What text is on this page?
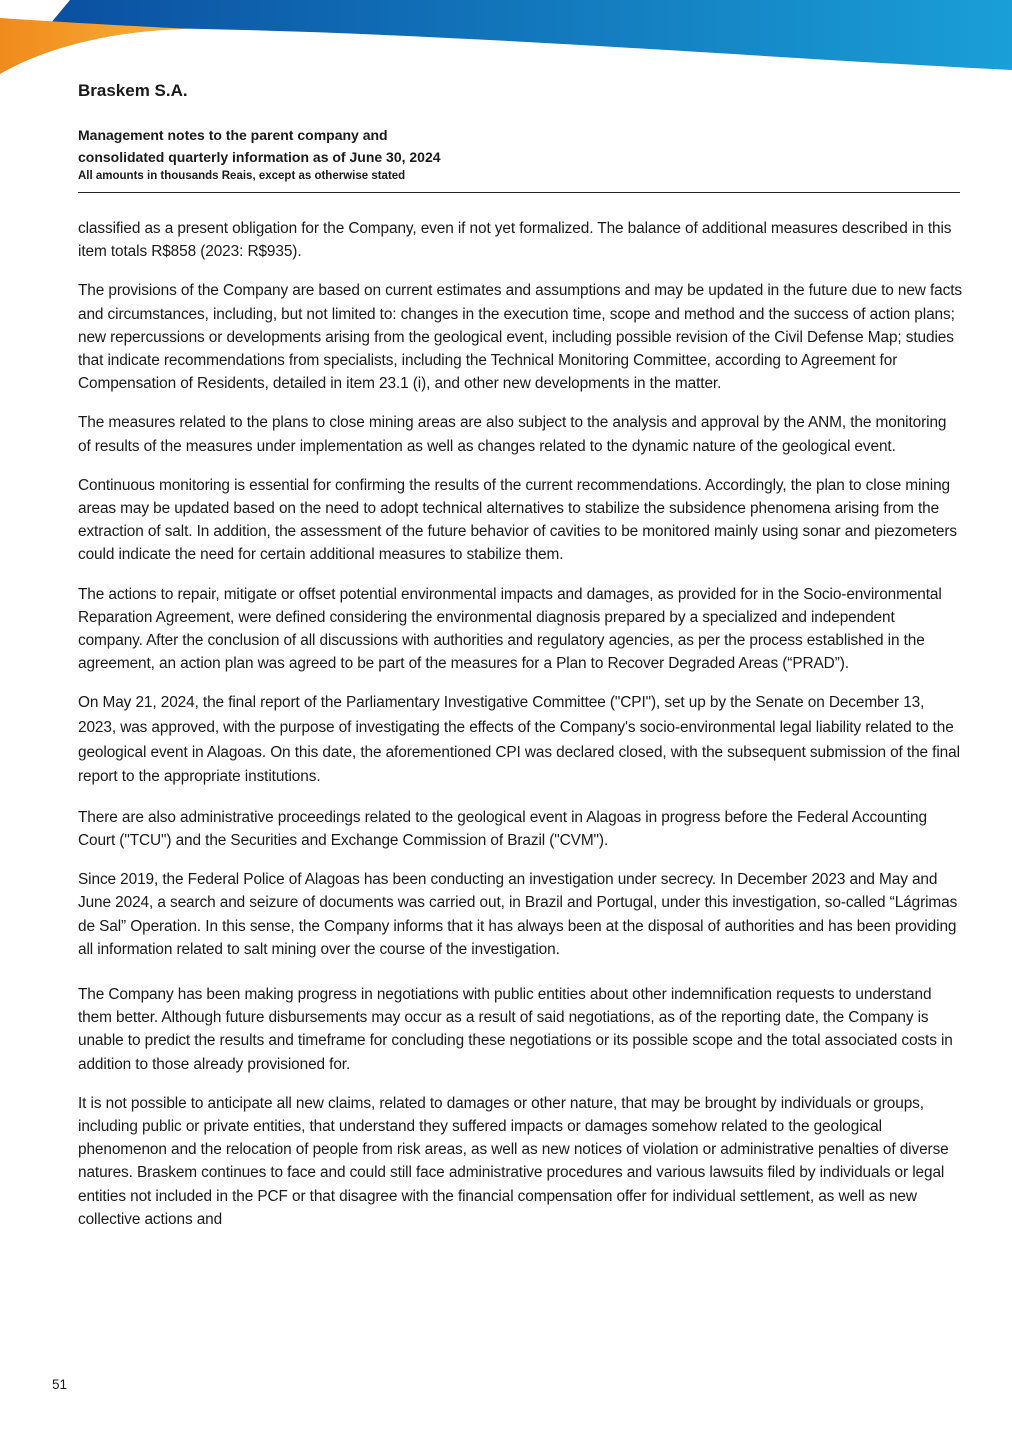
Braskem S.A.
Management notes to the parent company and
consolidated quarterly information as of June 30, 2024
All amounts in thousands Reais, except as otherwise stated

classified as a present obligation for the Company, even if not yet formalized. The balance of additional measures described in this item totals R$858 (2023: R$935).

The provisions of the Company are based on current estimates and assumptions and may be updated in the future due to new facts and circumstances, including, but not limited to: changes in the execution time, scope and method and the success of action plans; new repercussions or developments arising from the geological event, including possible revision of the Civil Defense Map; studies that indicate recommendations from specialists, including the Technical Monitoring Committee, according to Agreement for Compensation of Residents, detailed in item 23.1 (i), and other new developments in the matter.

The measures related to the plans to close mining areas are also subject to the analysis and approval by the ANM, the monitoring of results of the measures under implementation as well as changes related to the dynamic nature of the geological event.

Continuous monitoring is essential for confirming the results of the current recommendations. Accordingly, the plan to close mining areas may be updated based on the need to adopt technical alternatives to stabilize the subsidence phenomena arising from the extraction of salt. In addition, the assessment of the future behavior of cavities to be monitored mainly using sonar and piezometers could indicate the need for certain additional measures to stabilize them.

The actions to repair, mitigate or offset potential environmental impacts and damages, as provided for in the Socio-environmental Reparation Agreement, were defined considering the environmental diagnosis prepared by a specialized and independent company. After the conclusion of all discussions with authorities and regulatory agencies, as per the process established in the agreement, an action plan was agreed to be part of the measures for a Plan to Recover Degraded Areas (“PRAD”).

On May 21, 2024, the final report of the Parliamentary Investigative Committee ("CPI"), set up by the Senate on December 13, 2023, was approved, with the purpose of investigating the effects of the Company's socio-environmental legal liability related to the geological event in Alagoas. On this date, the aforementioned CPI was declared closed, with the subsequent submission of the final report to the appropriate institutions.

There are also administrative proceedings related to the geological event in Alagoas in progress before the Federal Accounting Court ("TCU") and the Securities and Exchange Commission of Brazil ("CVM").

Since 2019, the Federal Police of Alagoas has been conducting an investigation under secrecy. In December 2023 and May and June 2024, a search and seizure of documents was carried out, in Brazil and Portugal, under this investigation, so-called “Lágrimas de Sal” Operation. In this sense, the Company informs that it has always been at the disposal of authorities and has been providing all information related to salt mining over the course of the investigation.

The Company has been making progress in negotiations with public entities about other indemnification requests to understand them better. Although future disbursements may occur as a result of said negotiations, as of the reporting date, the Company is unable to predict the results and timeframe for concluding these negotiations or its possible scope and the total associated costs in addition to those already provisioned for.

It is not possible to anticipate all new claims, related to damages or other nature, that may be brought by individuals or groups, including public or private entities, that understand they suffered impacts or damages somehow related to the geological phenomenon and the relocation of people from risk areas, as well as new notices of violation or administrative penalties of diverse natures. Braskem continues to face and could still face administrative procedures and various lawsuits filed by individuals or legal entities not included in the PCF or that disagree with the financial compensation offer for individual settlement, as well as new collective actions and

51
